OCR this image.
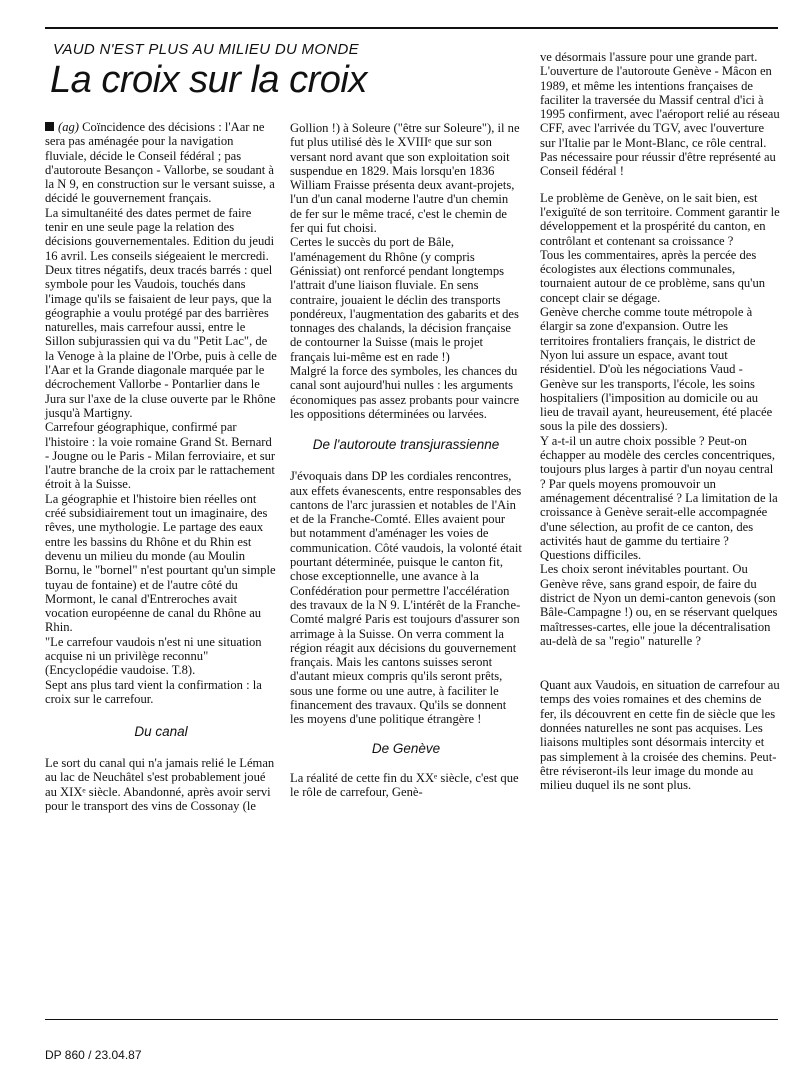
VAUD N'EST PLUS AU MILIEU DU MONDE
La croix sur la croix

(ag) Coïncidence des décisions : l'Aar ne sera pas aménagée pour la navigation fluviale, décide le Conseil fédéral ; pas d'autoroute Besançon - Vallorbe, se soudant à la N 9, en construction sur le versant suisse, a décidé le gouvernement français.

La simultanéité des dates permet de faire tenir en une seule page la relation des décisions gouvernementales. Edition du jeudi 16 avril. Les conseils siégeaient le mercredi.

Deux titres négatifs, deux tracés barrés : quel symbole pour les Vaudois, touchés dans l'image qu'ils se faisaient de leur pays, que la géographie a voulu protégé par des barrières naturelles, mais carrefour aussi, entre le Sillon subjurassien qui va du "Petit Lac", de la Venoge à la plaine de l'Orbe, puis à celle de l'Aar et la Grande diagonale marquée par le décrochement Vallorbe - Pontarlier dans le Jura sur l'axe de la cluse ouverte par le Rhône jusqu'à Martigny.

Carrefour géographique, confirmé par l'histoire : la voie romaine Grand St. Bernard - Jougne ou le Paris - Milan ferroviaire, et sur l'autre branche de la croix par le rattachement étroit à la Suisse.

La géographie et l'histoire bien réelles ont créé subsidiairement tout un imaginaire, des rêves, une mythologie. Le partage des eaux entre les bassins du Rhône et du Rhin est devenu un milieu du monde (au Moulin Bornu, le "bornel" n'est pourtant qu'un simple tuyau de fontaine) et de l'autre côté du Mormont, le canal d'Entreroches avait vocation européenne de canal du Rhône au Rhin.

"Le carrefour vaudois n'est ni une situation acquise ni un privilège reconnu" (Encyclopédie vaudoise. T.8).

Sept ans plus tard vient la confirmation : la croix sur le carrefour.

Du canal

Le sort du canal qui n'a jamais relié le Léman au lac de Neuchâtel s'est probablement joué au XIXᵉ siècle. Abandonné, après avoir servi pour le transport des vins de Cossonay (le

Gollion !) à Soleure ("être sur Soleure"), il ne fut plus utilisé dès le XVIIIᵉ que sur son versant nord avant que son exploitation soit suspendue en 1829. Mais lorsqu'en 1836 William Fraisse présenta deux avant-projets, l'un d'un canal moderne l'autre d'un chemin de fer sur le même tracé, c'est le chemin de fer qui fut choisi.

Certes le succès du port de Bâle, l'aménagement du Rhône (y compris Génissiat) ont renforcé pendant longtemps l'attrait d'une liaison fluviale. En sens contraire, jouaient le déclin des transports pondéreux, l'augmentation des gabarits et des tonnages des chalands, la décision française de contourner la Suisse (mais le projet français lui-même est en rade !)

Malgré la force des symboles, les chances du canal sont aujourd'hui nulles : les arguments économiques pas assez probants pour vaincre les oppositions déterminées ou larvées.

De l'autoroute transjurassienne

J'évoquais dans DP les cordiales rencontres, aux effets évanescents, entre responsables des cantons de l'arc jurassien et notables de l'Ain et de la Franche-Comté. Elles avaient pour but notamment d'aménager les voies de communication. Côté vaudois, la volonté était pourtant déterminée, puisque le canton fit, chose exceptionnelle, une avance à la Confédération pour permettre l'accélération des travaux de la N 9. L'intérêt de la Franche-Comté malgré Paris est toujours d'assurer son arrimage à la Suisse. On verra comment la région réagit aux décisions du gouvernement français. Mais les cantons suisses seront d'autant mieux compris qu'ils seront prêts, sous une forme ou une autre, à faciliter le financement des travaux. Qu'ils se donnent les moyens d'une politique étrangère !

De Genève

La réalité de cette fin du XXᵉ siècle, c'est que le rôle de carrefour, Genè-

ve désormais l'assure pour une grande part. L'ouverture de l'autoroute Genève - Mâcon en 1989, et même les intentions françaises de faciliter la traversée du Massif central d'ici à 1995 confirment, avec l'aéroport relié au réseau CFF, avec l'arrivée du TGV, avec l'ouverture sur l'Italie par le Mont-Blanc, ce rôle central. Pas nécessaire pour réussir d'être représenté au Conseil fédéral !

Le problème de Genève, on le sait bien, est l'exiguïté de son territoire. Comment garantir le développement et la prospérité du canton, en contrôlant et contenant sa croissance ?

Tous les commentaires, après la percée des écologistes aux élections communales, tournaient autour de ce problème, sans qu'un concept clair se dégage.

Genève cherche comme toute métropole à élargir sa zone d'expansion. Outre les territoires frontaliers français, le district de Nyon lui assure un espace, avant tout résidentiel. D'où les négociations Vaud - Genève sur les transports, l'école, les soins hospitaliers (l'imposition au domicile ou au lieu de travail ayant, heureusement, été placée sous la pile des dossiers).

Y a-t-il un autre choix possible ? Peut-on échapper au modèle des cercles concentriques, toujours plus larges à partir d'un noyau central ? Par quels moyens promouvoir un aménagement décentralisé ? La limitation de la croissance à Genève serait-elle accompagnée d'une sélection, au profit de ce canton, des activités haut de gamme du tertiaire ? Questions difficiles.

Les choix seront inévitables pourtant. Ou Genève rêve, sans grand espoir, de faire du district de Nyon un demi-canton genevois (son Bâle-Campagne !) ou, en se réservant quelques maîtresses-cartes, elle joue la décentralisation au-delà de sa "regio" naturelle ?

Quant aux Vaudois, en situation de carrefour au temps des voies romaines et des chemins de fer, ils découvrent en cette fin de siècle que les données naturelles ne sont pas acquises. Les liaisons multiples sont désormais intercity et pas simplement à la croisée des chemins. Peut-être réviseront-ils leur image du monde au milieu duquel ils ne sont plus.

DP 860 / 23.04.87
